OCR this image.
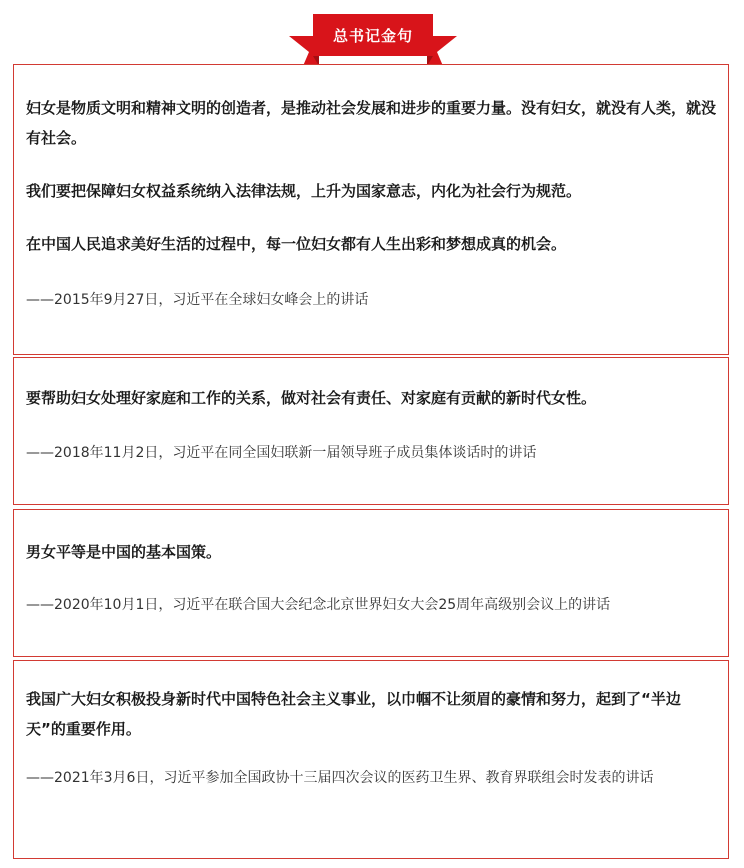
总书记金句
妇女是物质文明和精神文明的创造者，是推动社会发展和进步的重要力量。没有妇女，就没有人类，就没有社会。
我们要把保障妇女权益系统纳入法律法规，上升为国家意志，内化为社会行为规范。
在中国人民追求美好生活的过程中，每一位妇女都有人生出彩和梦想成真的机会。
——2015年9月27日，习近平在全球妇女峰会上的讲话
要帮助妇女处理好家庭和工作的关系，做对社会有责任、对家庭有贡献的新时代女性。
——2018年11月2日，习近平在同全国妇联新一届领导班子成员集体谈话时的讲话
男女平等是中国的基本国策。
——2020年10月1日，习近平在联合国大会纪念北京世界妇女大会25周年高级别会议上的讲话
我国广大妇女积极投身新时代中国特色社会主义事业，以巾帼不让须眉的豪情和努力，起到了“半边天”的重要作用。
——2021年3月6日，习近平参加全国政协十三届四次会议的医药卫生界、教育界联组会时发表的讲话
